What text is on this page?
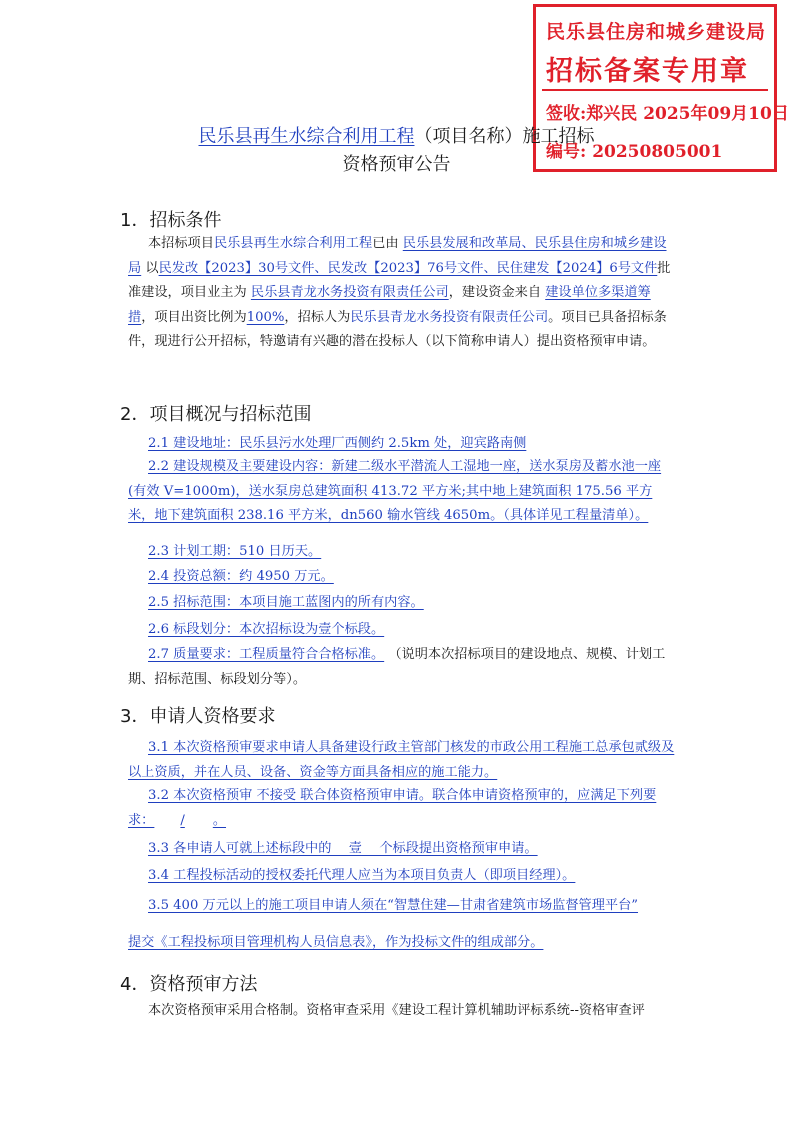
民乐县住房和城乡建设局
招标备案专用章
签收:郑兴民 2025年09月10日
编号: 20250805001
民乐县再生水综合利用工程（项目名称）施工招标
资格预审公告
1．招标条件
本招标项目民乐县再生水综合利用工程已由 民乐县发展和改革局、民乐县住房和城乡建设局 以民发改【2023】30号文件、民发改【2023】76号文件、民住建发【2024】6号文件批准建设，项目业主为 民乐县青龙水务投资有限责任公司，建设资金来自 建设单位多渠道筹措，项目出资比例为100%，招标人为民乐县青龙水务投资有限责任公司。项目已具备招标条件，现进行公开招标，特邀请有兴趣的潜在投标人（以下简称申请人）提出资格预审申请。
2．项目概况与招标范围
2.1 建设地址：民乐县污水处理厂西侧约 2.5km 处，迎宾路南侧
2.2 建设规模及主要建设内容：新建二级水平潜流人工湿地一座，送水泵房及蓄水池一座(有效 V=1000m)，送水泵房总建筑面积 413.72 平方米;其中地上建筑面积 175.56 平方米，地下建筑面积 238.16 平方米，dn560 输水管线 4650m。（具体详见工程量清单）。
2.3 计划工期：510 日历天。
2.4 投资总额：约 4950 万元。
2.5 招标范围：本项目施工蓝图内的所有内容。
2.6 标段划分：本次招标设为壹个标段。
2.7 质量要求：工程质量符合合格标准。 （说明本次招标项目的建设地点、规模、计划工期、招标范围、标段划分等）。
3．申请人资格要求
3.1 本次资格预审要求申请人具备建设行政主管部门核发的市政公用工程施工总承包贰级及以上资质，并在人员、设备、资金等方面具备相应的施工能力。
3.2 本次资格预审 不接受 联合体资格预审申请。联合体申请资格预审的，应满足下列要求： / 。
3.3 各申请人可就上述标段中的　 壹 　个标段提出资格预审申请。
3.4 工程投标活动的授权委托代理人应当为本项目负责人（即项目经理）。
3.5 400 万元以上的施工项目申请人须在“智慧住建—甘肃省建筑市场监督管理平台”
提交《工程投标项目管理机构人员信息表》，作为投标文件的组成部分。
4．资格预审方法
本次资格预审采用合格制。资格审查采用《建设工程计算机辅助评标系统--资格审查评
